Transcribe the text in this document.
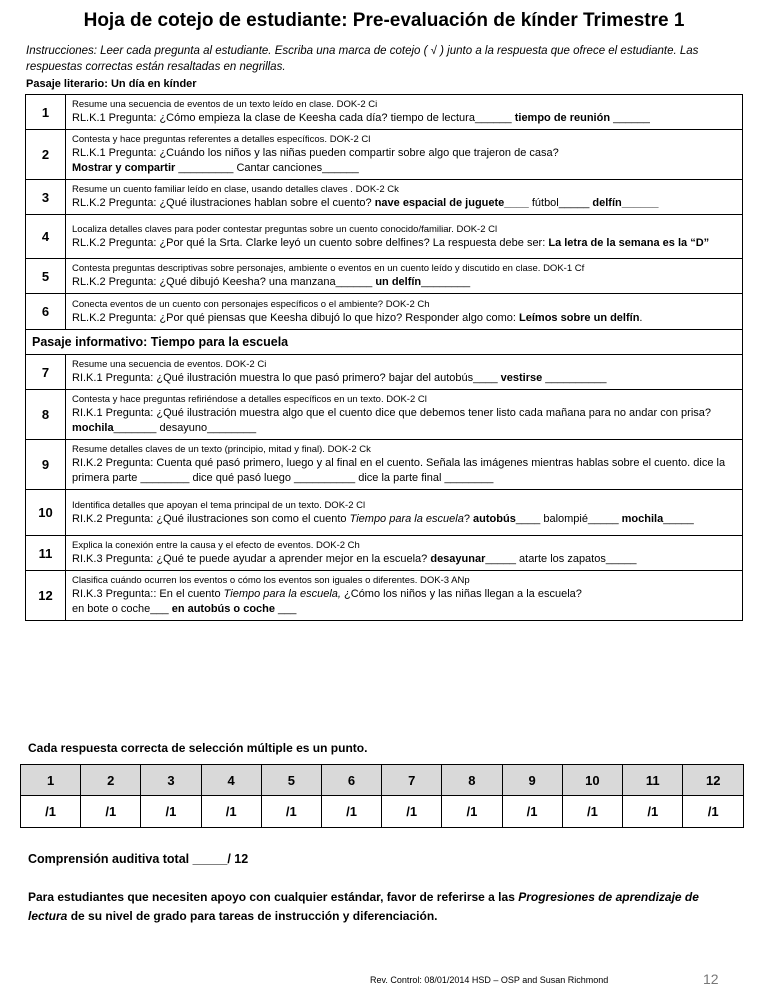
Hoja de cotejo de estudiante: Pre-evaluación de kínder Trimestre 1
Instrucciones: Leer cada pregunta al estudiante. Escriba una marca de cotejo ( √ ) junto a la respuesta que ofrece el estudiante. Las respuestas correctas están resaltadas en negrillas.
Pasaje literario: Un día en kínder
1	Resume una secuencia de eventos de un texto leído en clase. DOK-2 Ci
RL.K.1 Pregunta: ¿Cómo empieza la clase de Keesha cada día? tiempo de lectura______ tiempo de reunión ______

2	Contesta y hace preguntas referentes a detalles específicos. DOK-2 Cl
RL.K.1 Pregunta: ¿Cuándo los niños y las niñas pueden compartir sobre algo que trajeron de casa?
Mostrar y compartir _________ Cantar canciones______

3	Resume un cuento familiar leído en clase, usando detalles claves . DOK-2 Ck
RL.K.2 Pregunta: ¿Qué ilustraciones hablan sobre el cuento? nave espacial de juguete____ fútbol_____ delfín______

4	Localiza detalles claves para poder contestar preguntas sobre un cuento conocido/familiar. DOK-2 Cl
RL.K.2 Pregunta: ¿Por qué la Srta. Clarke leyó un cuento sobre delfines? La respuesta debe ser: La letra de la semana es la “D”

5	Contesta preguntas descriptivas sobre personajes, ambiente o eventos en un cuento leído y discutido en clase. DOK-1 Cf
RL.K.2 Pregunta: ¿Qué dibujó Keesha? una manzana______ un delfín________

6	Conecta eventos de un cuento con personajes específicos o el ambiente? DOK-2 Ch
RL.K.2 Pregunta: ¿Por qué piensas que Keesha dibujó lo que hizo? Responder algo como: Leímos sobre un delfín.

Pasaje informativo: Tiempo para la escuela	
7	Resume una secuencia de eventos. DOK-2 Ci
RI.K.1 Pregunta: ¿Qué ilustración muestra lo que pasó primero? bajar del autobús____ vestirse __________

8	Contesta y hace preguntas refiriéndose a detalles específicos en un texto. DOK-2 Cl
RI.K.1 Pregunta: ¿Qué ilustración muestra algo que el cuento dice que debemos tener listo cada mañana para no andar con prisa? mochila_______ desayuno________

9	Resume detalles claves de un texto (principio, mitad y final). DOK-2 Ck
RI.K.2 Pregunta: Cuenta qué pasó primero, luego y al final en el cuento. Señala las imágenes mientras hablas sobre el cuento. dice la primera parte ________ dice qué pasó luego __________ dice la parte final ________

10	Identifica detalles que apoyan el tema principal de un texto. DOK-2 Cl
RI.K.2 Pregunta: ¿Qué ilustraciones son como el cuento Tiempo para la escuela? autobús____ balompié_____ mochila_____

11	Explica la conexión entre la causa y el efecto de eventos. DOK-2 Ch
RI.K.3 Pregunta: ¿Qué te puede ayudar a aprender mejor en la escuela? desayunar_____ atarte los zapatos_____

12	Clasifica cuándo ocurren los eventos o cómo los eventos son iguales o diferentes. DOK-3 ANp
RI.K.3 Pregunta:: En el cuento Tiempo para la escuela, ¿Cómo los niños y las niñas llegan a la escuela?
en bote o coche___ en autobús o coche ___
Cada respuesta correcta de selección múltiple es un punto.
1	2	3	4	5	6	7	8	9	10	11	12
/1	/1	/1	/1	/1	/1	/1	/1	/1	/1	/1	/1
Comprensión auditiva total _____/ 12
Para estudiantes que necesiten apoyo con cualquier estándar, favor de referirse a las Progresiones de aprendizaje de lectura de su nivel de grado para tareas de instrucción y diferenciación.
Rev. Control: 08/01/2014 HSD – OSP and Susan Richmond	12
